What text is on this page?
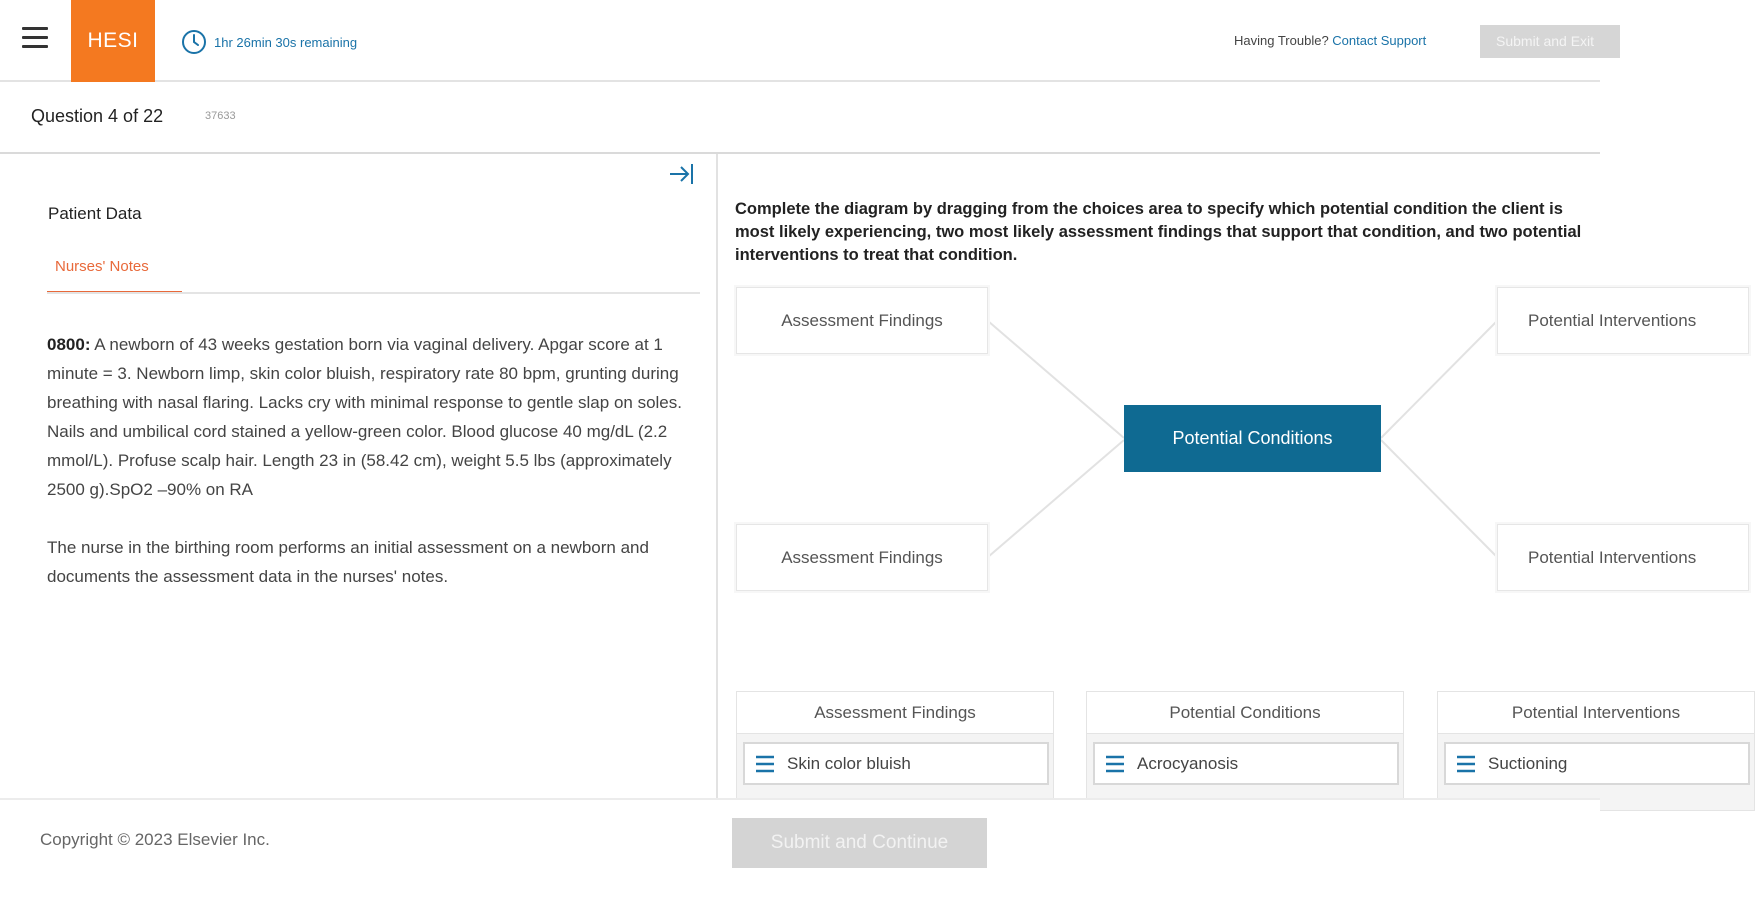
HESI	1hr 26min 30s remaining	Having Trouble? Contact Support	Submit and Exit
Question 4 of 22	37633
Patient Data
Nurses' Notes

0800: A newborn of 43 weeks gestation born via vaginal delivery. Apgar score at 1 minute = 3. Newborn limp, skin color bluish, respiratory rate 80 bpm, grunting during breathing with nasal flaring. Lacks cry with minimal response to gentle slap on soles. Nails and umbilical cord stained a yellow-green color. Blood glucose 40 mg/dL (2.2 mmol/L). Profuse scalp hair. Length 23 in (58.42 cm), weight 5.5 lbs (approximately 2500 g).SpO2 –90% on RA

The nurse in the birthing room performs an initial assessment on a newborn and documents the assessment data in the nurses' notes.

Complete the diagram by dragging from the choices area to specify which potential condition the client is
most likely experiencing, two most likely assessment findings that support that condition, and two potential
interventions to treat that condition.
Assessment Findings
Assessment Findings
Potential Conditions
Potential Interventions
Potential Interventions
Assessment Findings
Skin color bluish
Potential Conditions
Acrocyanosis
Potential Interventions
Suctioning
Copyright © 2023 Elsevier Inc.	Submit and Continue
